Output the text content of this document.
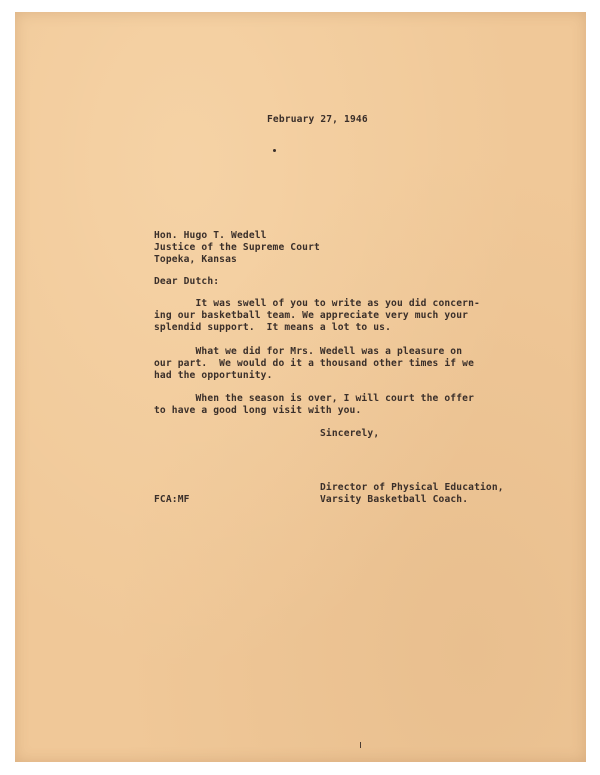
February 27, 1946

Hon. Hugo T. Wedell

Justice of the Supreme Court

Topeka, Kansas

Dear Dutch:

It was swell of you to write as you did concern-

ing our basketball team. We appreciate very much your

splendid support.  It means a lot to us.

What we did for Mrs. Wedell was a pleasure on

our part.  We would do it a thousand other times if we

had the opportunity.

When the season is over, I will court the offer

to have a good long visit with you.

Sincerely,

Director of Physical Education,

Varsity Basketball Coach.

FCA:MF
